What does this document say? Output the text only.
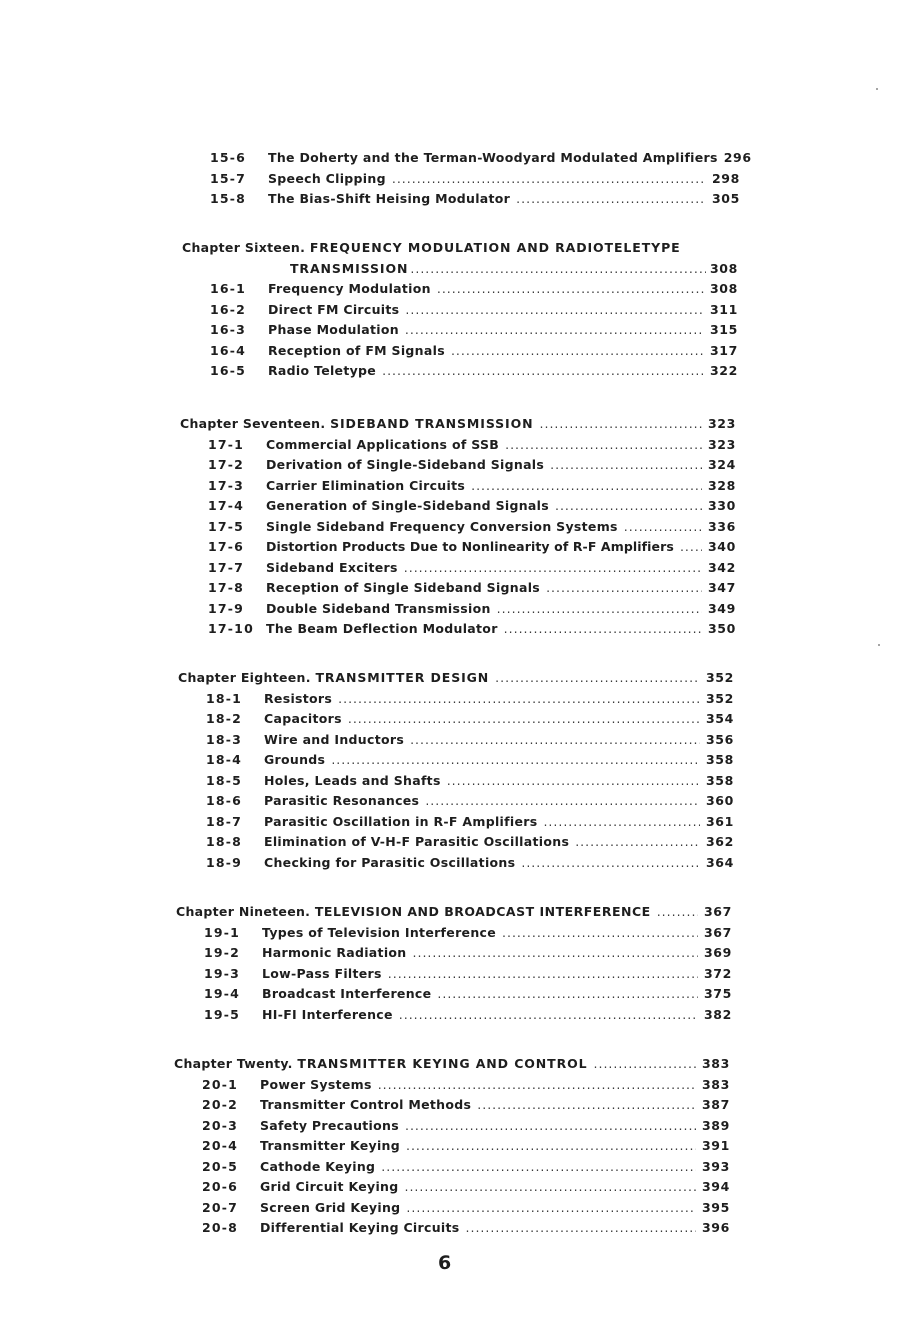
15-6	The Doherty and the Terman-Woodyard Modulated Amplifiers 296
15-7	Speech Clipping .....	298
15-8	The Bias-Shift Heising Modulator .....	305
Chapter Sixteen.
FREQUENCY MODULATION AND RADIOTELETYPE
TRANSMISSION .....	308
16-1	Frequency Modulation .....	308
16-2	Direct FM Circuits .....	311
16-3	Phase Modulation .....	315
16-4	Reception of FM Signals .....	317
16-5	Radio Teletype .....	322
Chapter Seventeen.
SIDEBAND TRANSMISSION .....	323
17-1	Commercial Applications of SSB .....	323
17-2	Derivation of Single-Sideband Signals .....	324
17-3	Carrier Elimination Circuits .....	328
17-4	Generation of Single-Sideband Signals .....	330
17-5	Single Sideband Frequency Conversion Systems .....	336
17-6	Distortion Products Due to Nonlinearity of R-F Amplifiers .....	340
17-7	Sideband Exciters .....	342
17-8	Reception of Single Sideband Signals .....	347
17-9	Double Sideband Transmission .....	349
17-10 The Beam Deflection Modulator .....	350
Chapter Eighteen.
TRANSMITTER DESIGN .....	352
18-1	Resistors .....	352
18-2	Capacitors .....	354
18-3	Wire and Inductors .....	356
18-4	Grounds .....	358
18-5	Holes, Leads and Shafts .....	358
18-6	Parasitic Resonances .....	360
18-7	Parasitic Oscillation in R-F Amplifiers .....	361
18-8	Elimination of V-H-F Parasitic Oscillations .....	362
18-9	Checking for Parasitic Oscillations .....	364
Chapter Nineteen.
TELEVISION AND BROADCAST INTERFERENCE .....	367
19-1	Types of Television Interference .....	367
19-2	Harmonic Radiation .....	369
19-3	Low-Pass Filters .....	372
19-4	Broadcast Interference .....	375
19-5	HI-FI Interference .....	382
Chapter Twenty.
TRANSMITTER KEYING AND CONTROL .....	383
20-1	Power Systems .....	383
20-2	Transmitter Control Methods .....	387
20-3	Safety Precautions .....	389
20-4	Transmitter Keying .....	391
20-5	Cathode Keying .....	393
20-6	Grid Circuit Keying .....	394
20-7	Screen Grid Keying .....	395
20-8	Differential Keying Circuits .....	396
6
